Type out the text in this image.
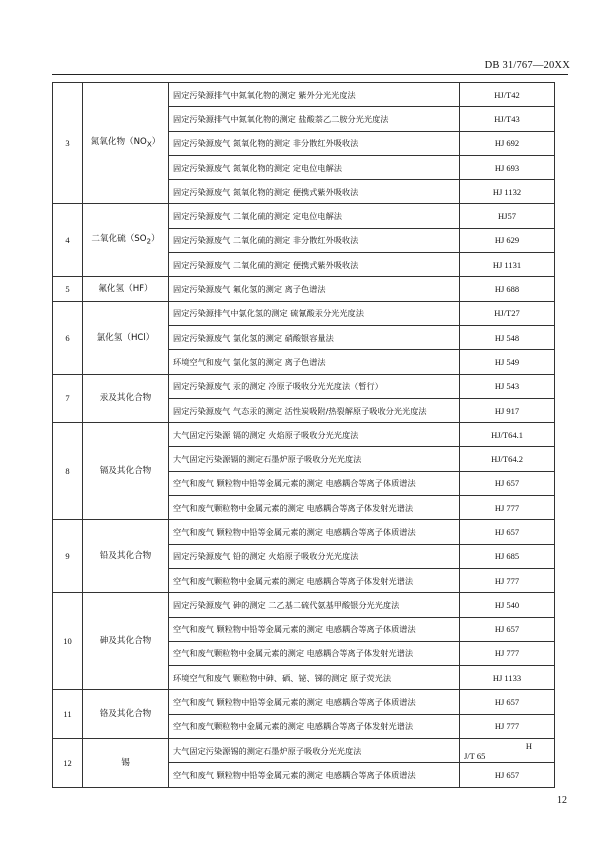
DB 31/767—20XX
3	氮氧化物$(NO_X)$	固定污染源排气中氮氧化物的测定 紫外分光光度法	HJ/T42
		固定污染源排气中氮氧化物的测定 盐酸萘乙二胺分光光度法	HJ/T43
		固定污染源废气 氮氧化物的测定 非分散红外吸收法	HJ 692
		固定污染源废气 氮氧化物的测定 定电位电解法	HJ 693
		固定污染源废气 氮氧化物的测定 便携式紫外吸收法	HJ 1132
4	二氧化硫$(SO_2)$	固定污染源废气 二氧化硫的测定 定电位电解法	HJ57
		固定污染源废气 二氧化硫的测定 非分散红外吸收法	HJ 629
		固定污染源废气 二氧化硫的测定 便携式紫外吸收法	HJ 1131
5	氟化氢（HF）	固定污染源废气 氟化氢的测定 离子色谱法	HJ 688
6	氯化氢（HCl）	固定污染源排气中氯化氢的测定 硫氰酸汞分光光度法	HJ/T27
		固定污染源废气 氯化氢的测定 硝酸银容量法	HJ 548
		环境空气和废气 氯化氢的测定 离子色谱法	HJ 549
7	汞及其化合物	固定污染源废气 汞的测定 冷原子吸收分光光度法（暂行）	HJ 543
		固定污染源废气 气态汞的测定 活性炭吸附/热裂解原子吸收分光光度法	HJ 917
8	镉及其化合物	大气固定污染源 镉的测定 火焰原子吸收分光光度法	HJ/T64.1
		大气固定污染源镉的测定石墨炉原子吸收分光光度法	HJ/T64.2
		空气和废气 颗粒物中铅等金属元素的测定 电感耦合等离子体质谱法	HJ 657
		空气和废气颗粒物中金属元素的测定 电感耦合等离子体发射光谱法	HJ 777
9	铅及其化合物	空气和废气 颗粒物中铅等金属元素的测定 电感耦合等离子体质谱法	HJ 657
		固定污染源废气 铅的测定 火焰原子吸收分光光度法	HJ 685
		空气和废气颗粒物中金属元素的测定 电感耦合等离子体发射光谱法	HJ 777
10	砷及其化合物	固定污染源废气 砷的测定 二乙基二硫代氨基甲酸银分光光度法	HJ 540
		空气和废气 颗粒物中铅等金属元素的测定 电感耦合等离子体质谱法	HJ 657
		空气和废气颗粒物中金属元素的测定 电感耦合等离子体发射光谱法	HJ 777
		环境空气和废气 颗粒物中砷、硒、铋、锑的测定 原子荧光法	HJ 1133
11	铬及其化合物	空气和废气 颗粒物中铅等金属元素的测定 电感耦合等离子体质谱法	HJ 657
		空气和废气颗粒物中金属元素的测定 电感耦合等离子体发射光谱法	HJ 777
12	锡	大气固定污染源锡的测定石墨炉原子吸收分光光度法	H
J/T 65

		空气和废气 颗粒物中铅等金属元素的测定 电感耦合等离子体质谱法	HJ 657
12
